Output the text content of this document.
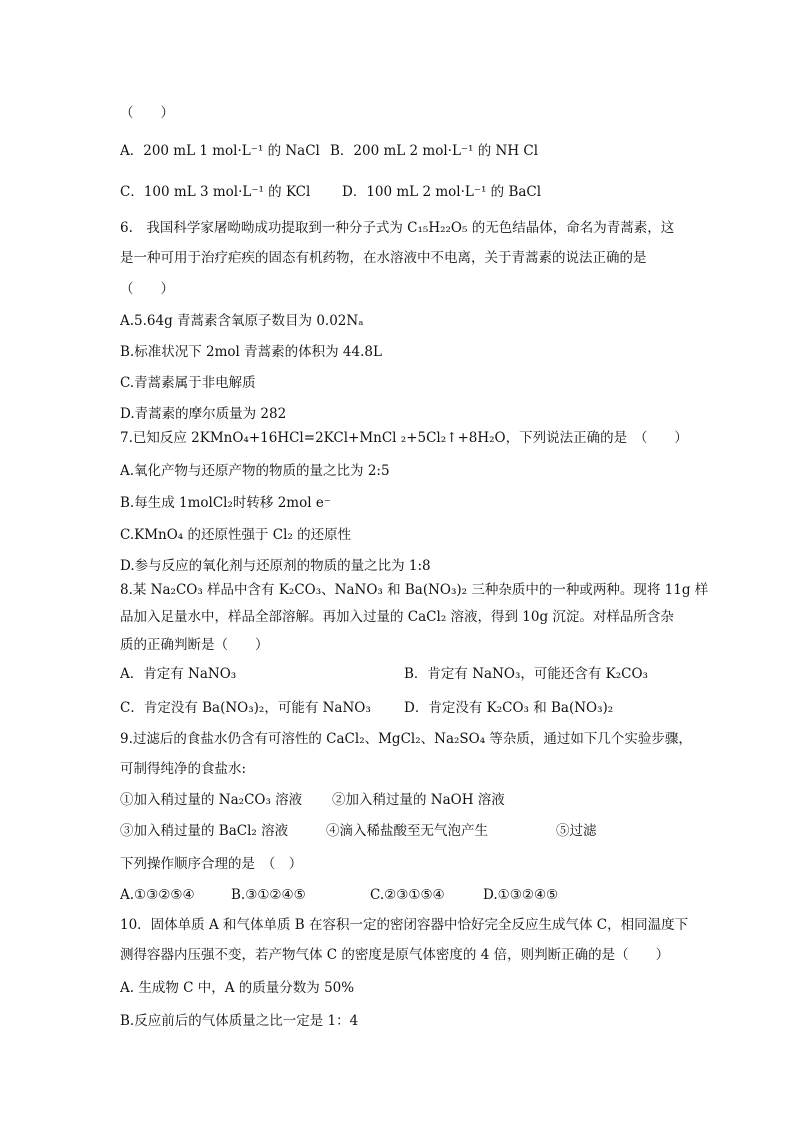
（　　）
A．200 mL 1 mol·L⁻¹ 的 NaCl B．200 mL 2 mol·L⁻¹ 的 NH Cl
C．100 mL 3 mol·L⁻¹ 的 KCl D．100 mL 2 mol·L⁻¹ 的 BaCl
6.　我国科学家屠呦呦成功提取到一种分子式为 C₁₅H₂₂O₅ 的无色结晶体，命名为青蒿素，这
是一种可用于治疗疟疾的固态有机药物，在水溶液中不电离，关于青蒿素的说法正确的是
（　　）
A.5.64g 青蒿素含氧原子数目为 0.02Nₐ
B.标准状况下 2mol 青蒿素的体积为 44.8L
C.青蒿素属于非电解质
D.青蒿素的摩尔质量为 282
7.已知反应 2KMnO₄+16HCl=2KCl+MnCl ₂+5Cl₂↑+8H₂O，下列说法正确的是　（　　）
A.氧化产物与还原产物的物质的量之比为 2:5
B.每生成 1molCl₂时转移 2mol e⁻
C.KMnO₄ 的还原性强于 Cl₂ 的还原性
D.参与反应的氧化剂与还原剂的物质的量之比为 1:8
8.某 Na₂CO₃ 样品中含有 K₂CO₃、NaNO₃ 和 Ba(NO₃)₂ 三种杂质中的一种或两种。现将 11g 样
品加入足量水中，样品全部溶解。再加入过量的 CaCl₂ 溶液，得到 10g 沉淀。对样品所含杂
质的正确判断是（　　）
A．肯定有 NaNO₃	B．肯定有 NaNO₃，可能还含有 K₂CO₃
C．肯定没有 Ba(NO₃)₂，可能有 NaNO₃ D．肯定没有 K₂CO₃ 和 Ba(NO₃)₂
9.过滤后的食盐水仍含有可溶性的 CaCl₂、MgCl₂、Na₂SO₄ 等杂质，通过如下几个实验步骤，
可制得纯净的食盐水:
①加入稍过量的 Na₂CO₃ 溶液 ②加入稍过量的 NaOH 溶液
③加入稍过量的 BaCl₂ 溶液	④滴入稀盐酸至无气泡产生	⑤过滤
下列操作顺序合理的是　（　）
A.①③②⑤④	B.③①②④⑤	C.②③①⑤④	D.①③②④⑤
10．固体单质 A 和气体单质 B 在容积一定的密闭容器中恰好完全反应生成气体 C，相同温度下
测得容器内压强不变，若产物气体 C 的密度是原气体密度的 4 倍，则判断正确的是（　　）
A. 生成物 C 中，A 的质量分数为 50%
B.反应前后的气体质量之比一定是 1：4
